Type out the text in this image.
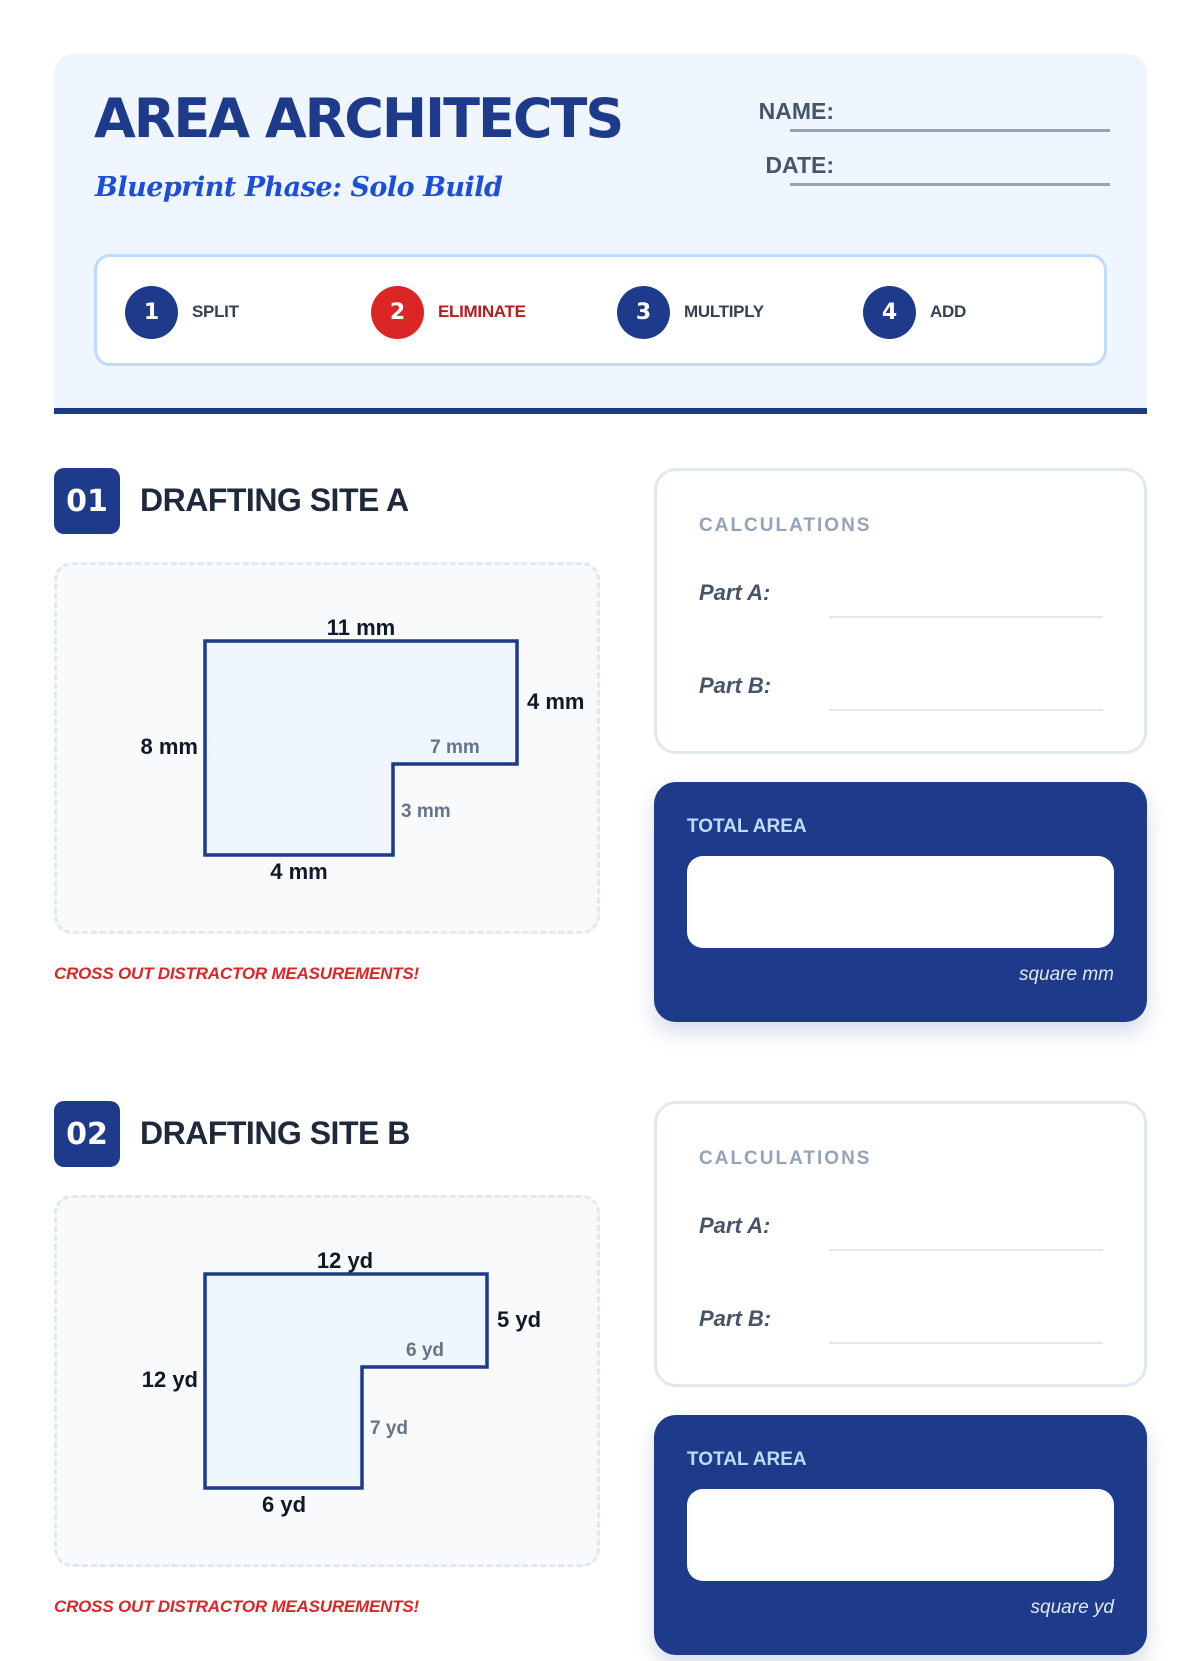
AREA ARCHITECTS
Blueprint Phase: Solo Build
NAME:
DATE:
1	SPLIT	2	ELIMINATE	3	MULTIPLY	4	ADD
01	DRAFTING SITE A
11 mm
8 mm
4 mm
4 mm
7 mm
3 mm
CROSS OUT DISTRACTOR MEASUREMENTS!
CALCULATIONS
Part A:
Part B:
TOTAL AREA
square mm
02	DRAFTING SITE B
12 yd
12 yd
5 yd
6 yd
6 yd
7 yd
CROSS OUT DISTRACTOR MEASUREMENTS!
CALCULATIONS
Part A:
Part B:
TOTAL AREA
square yd
